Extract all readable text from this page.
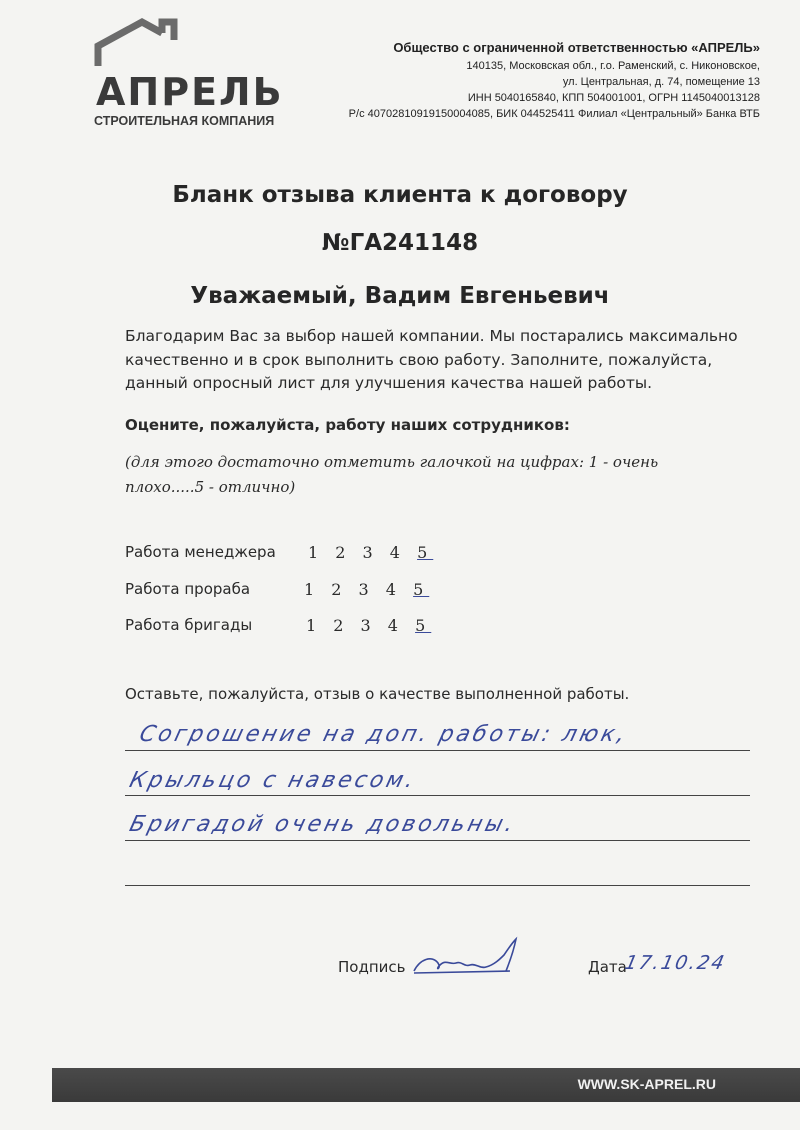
АПРЕЛЬ
СТРОИТЕЛЬНАЯ КОМПАНИЯ
Общество с ограниченной ответственностью «АПРЕЛЬ»
140135, Московская обл., г.о. Раменский, с. Никоновское,
ул. Центральная, д. 74, помещение 13
ИНН 5040165840, КПП 504001001, ОГРН 1145040013128
Р/с 40702810919150004085, БИК 044525411 Филиал «Центральный» Банка ВТБ
Бланк отзыва клиента к договору
№ГА241148
Уважаемый, Вадим Евгеньевич
Благодарим Вас за выбор нашей компании. Мы постарались максимально качественно и в срок выполнить свою работу. Заполните, пожалуйста, данный опросный лист для улучшения качества нашей работы.
Оцените, пожалуйста, работу наших сотрудников:
(для этого достаточно отметить галочкой на цифрах: 1 - очень плохо.....5 - отлично)
Работа менеджера 1 2 3 4 5
Работа прораба	1 2 3 4 5
Работа бригады	1 2 3 4 5
Оставьте, пожалуйста, отзыв о качестве выполненной работы.
Согрошение на доп. работы: люк,
Крыльцо с навесом.
Бригадой очень довольны.
Подпись	Дата
17.10.24
WWW.SK-APREL.RU
